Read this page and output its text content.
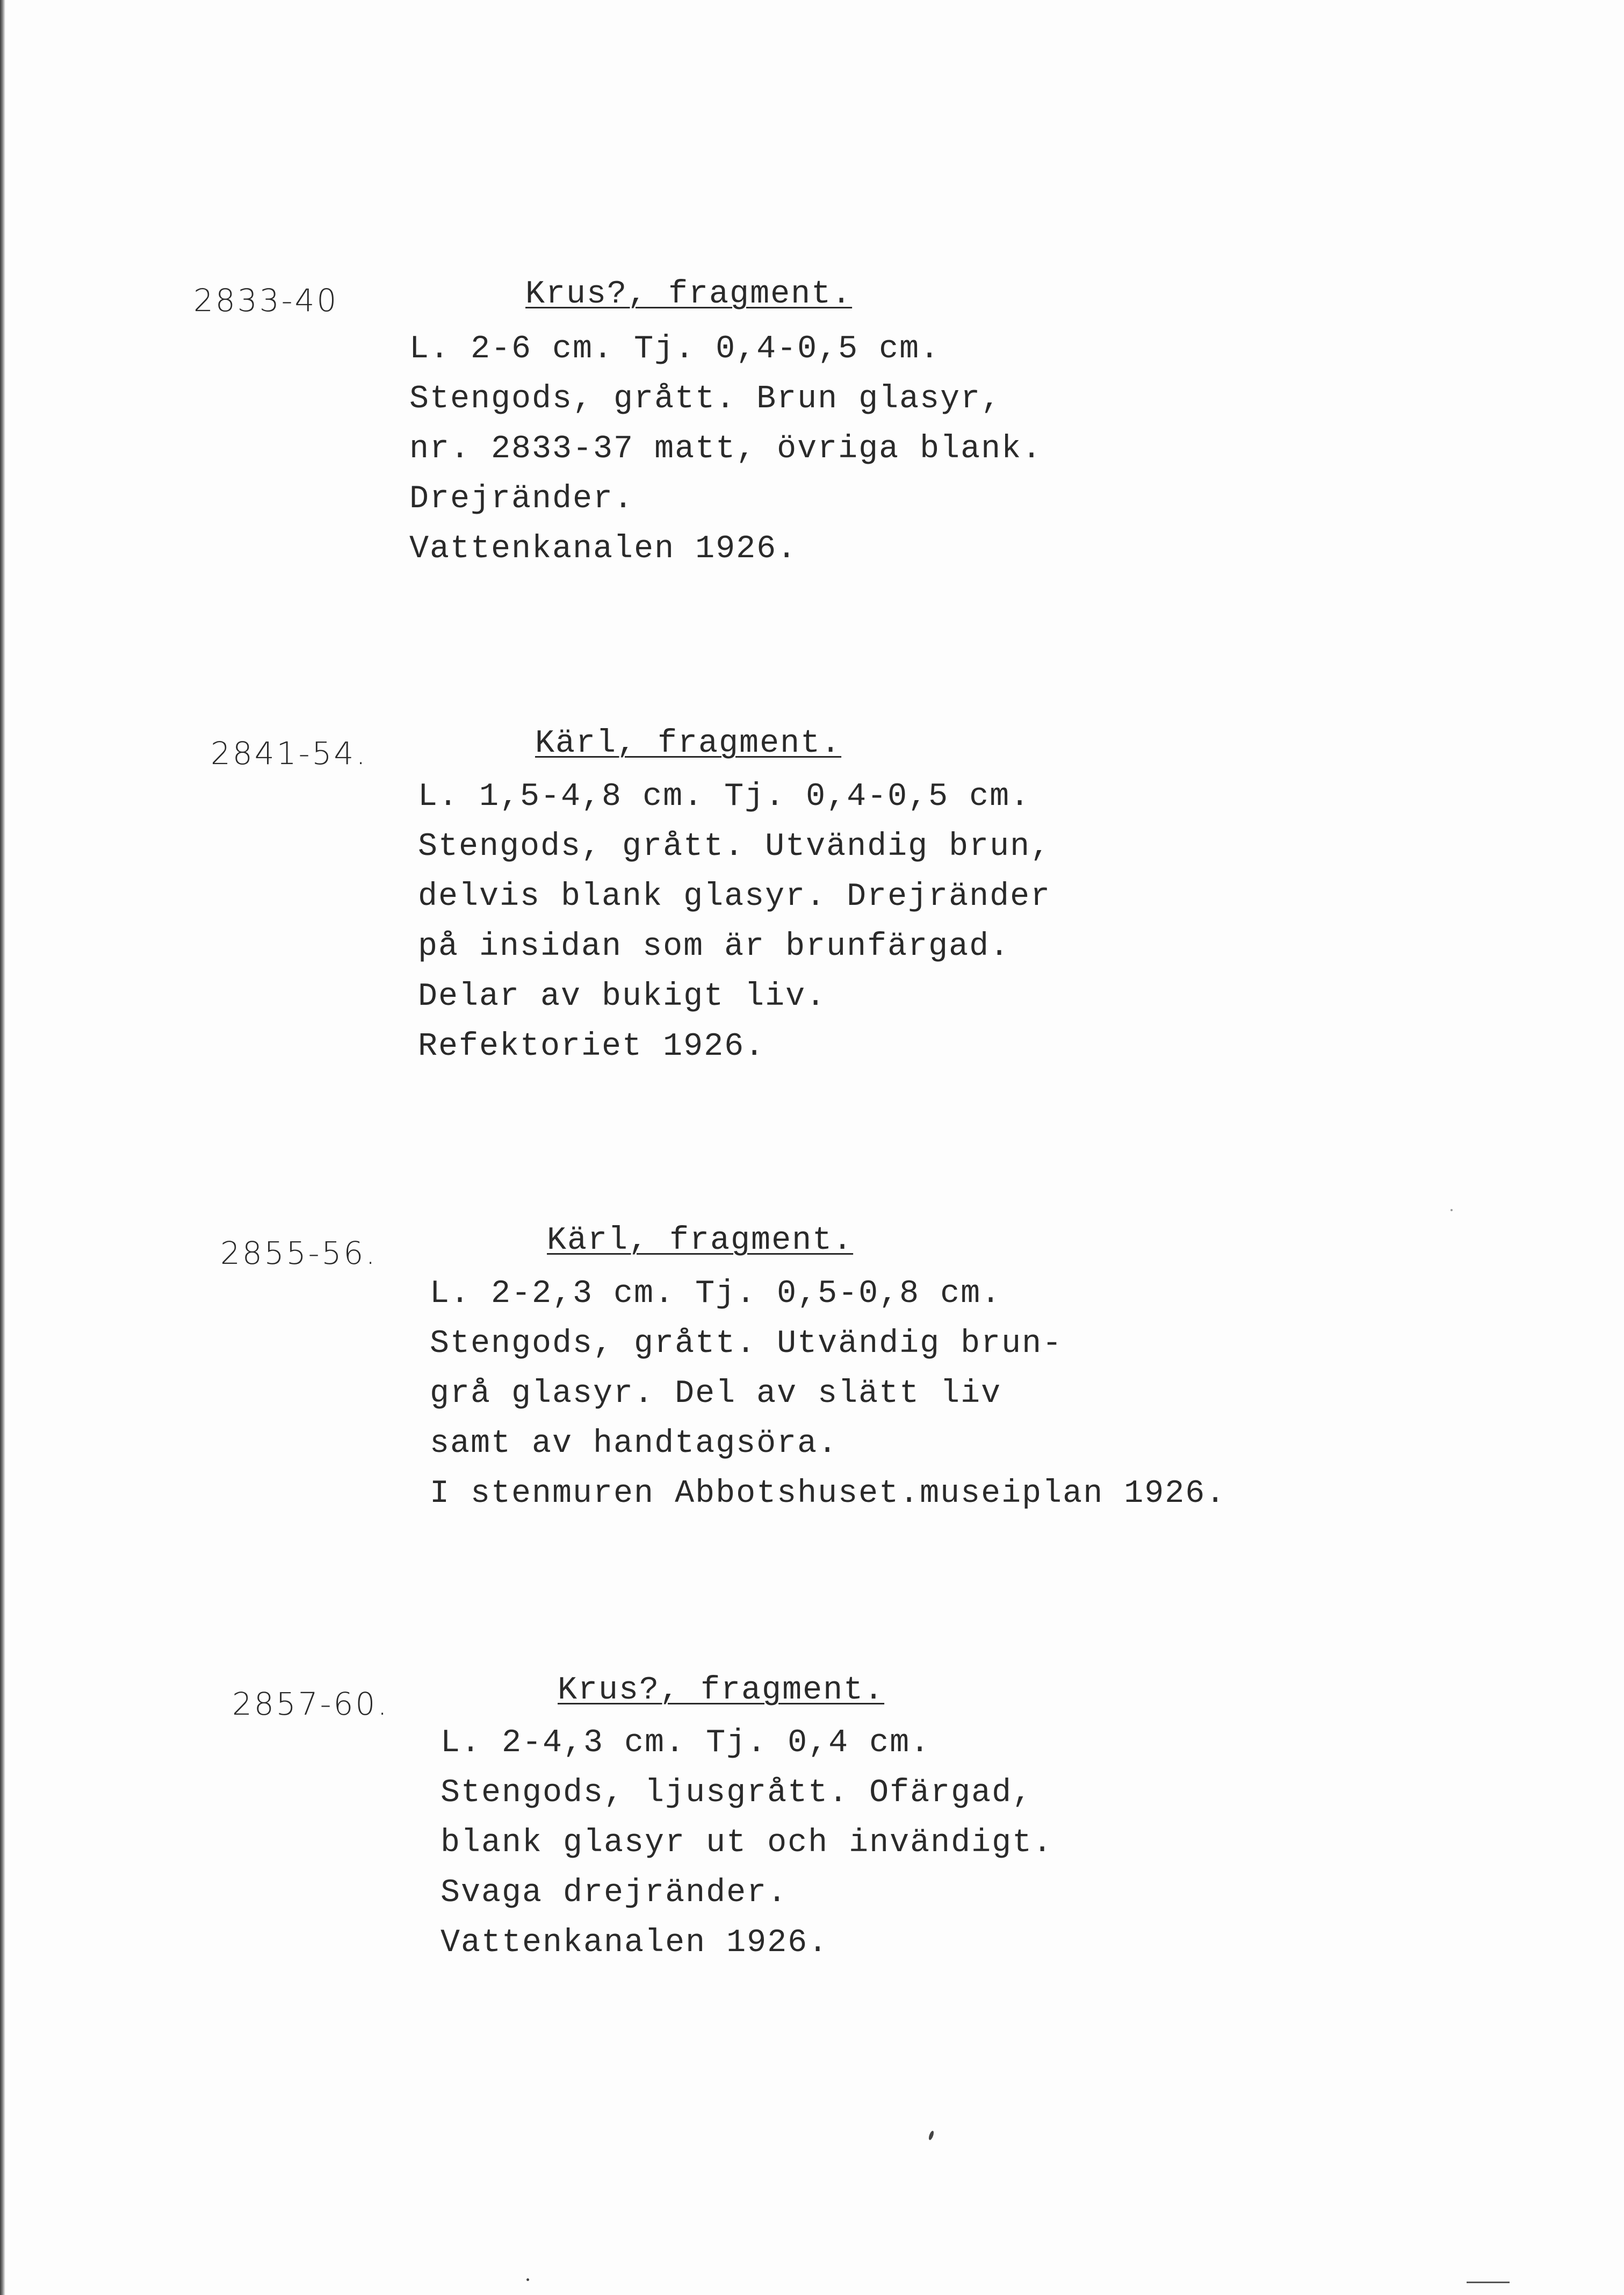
2833-40	Krus?, fragment.
L. 2-6 cm. Tj. 0,4-0,5 cm.
Stengods, grått. Brun glasyr,
nr. 2833-37 matt, övriga blank.
Drejränder.
Vattenkanalen 1926.
2841-54.	Kärl, fragment.
L. 1,5-4,8 cm. Tj. 0,4-0,5 cm.
Stengods, grått. Utvändig brun,
delvis blank glasyr. Drejränder
på insidan som är brunfärgad.
Delar av bukigt liv.
Refektoriet 1926.
2855-56.	Kärl, fragment.
L. 2-2,3 cm. Tj. 0,5-0,8 cm.
Stengods, grått. Utvändig brun-
grå glasyr. Del av slätt liv
samt av handtagsöra.
I stenmuren Abbotshuset.museiplan 1926.
2857-60.	Krus?, fragment.
L. 2-4,3 cm. Tj. 0,4 cm.
Stengods, ljusgrått. Ofärgad,
blank glasyr ut och invändigt.
Svaga drejränder.
Vattenkanalen 1926.
